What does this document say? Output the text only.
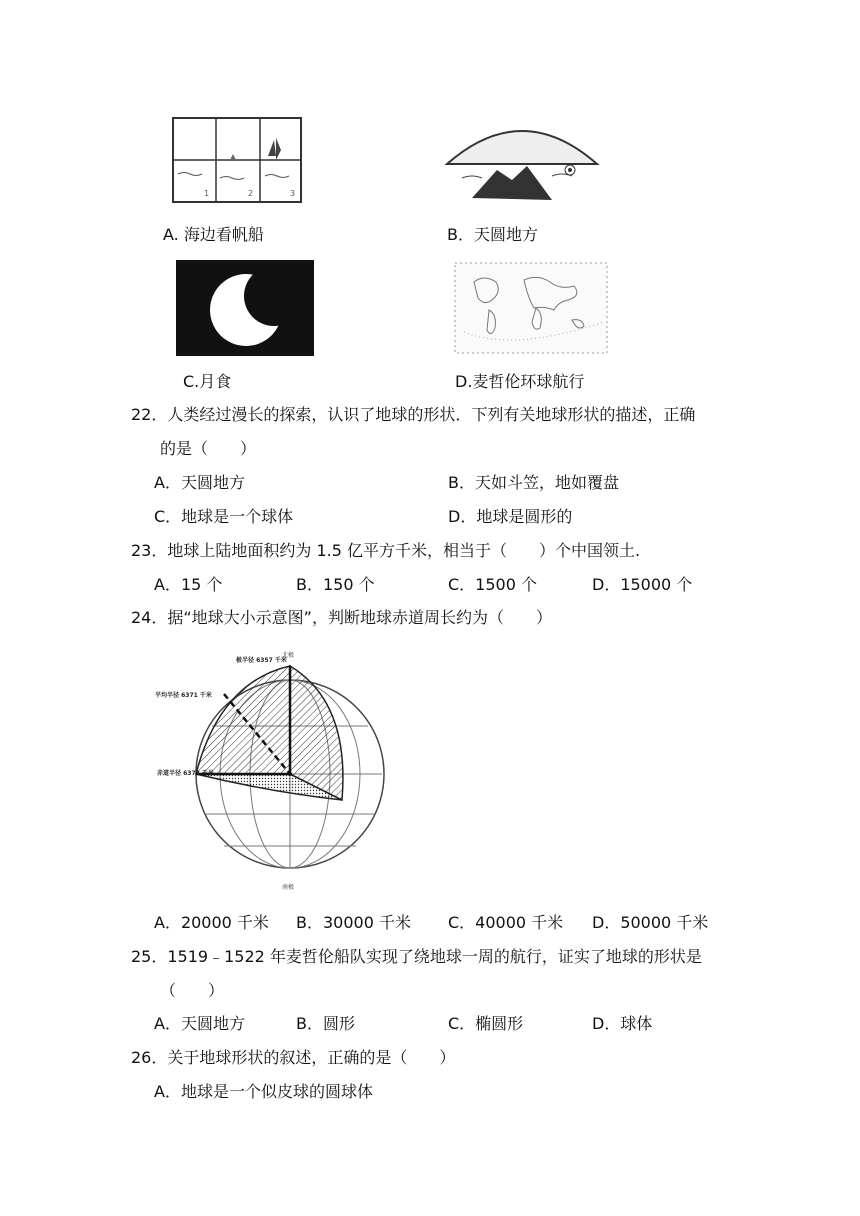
1	2	3
A. 海边看帆船	B．天圆地方
C.月食	D.麦哲伦环球航行
22．人类经过漫长的探索，认识了地球的形状．下列有关地球形状的描述，正确
的是（　　）
A．天圆地方	B．天如斗笠，地如覆盘
C．地球是一个球体	D．地球是圆形的
23．地球上陆地面积约为 1.5 亿平方千米，相当于（　　）个中国领土.
A．15 个	B．150 个	C．1500 个	D．15000 个
24．据“地球大小示意图”，判断地球赤道周长约为（　　）
北极
极半径 6357 千米
平均半径 6371 千米
赤道半径 6378 千米
南极
A．20000 千米 B．30000 千米 C．40000 千米 D．50000 千米
25．1519﹣1522 年麦哲伦船队实现了绕地球一周的航行，证实了地球的形状是
（　　）
A．天圆地方	B．圆形	C．椭圆形	D．球体
26．关于地球形状的叙述，正确的是（　　）
A．地球是一个似皮球的圆球体
